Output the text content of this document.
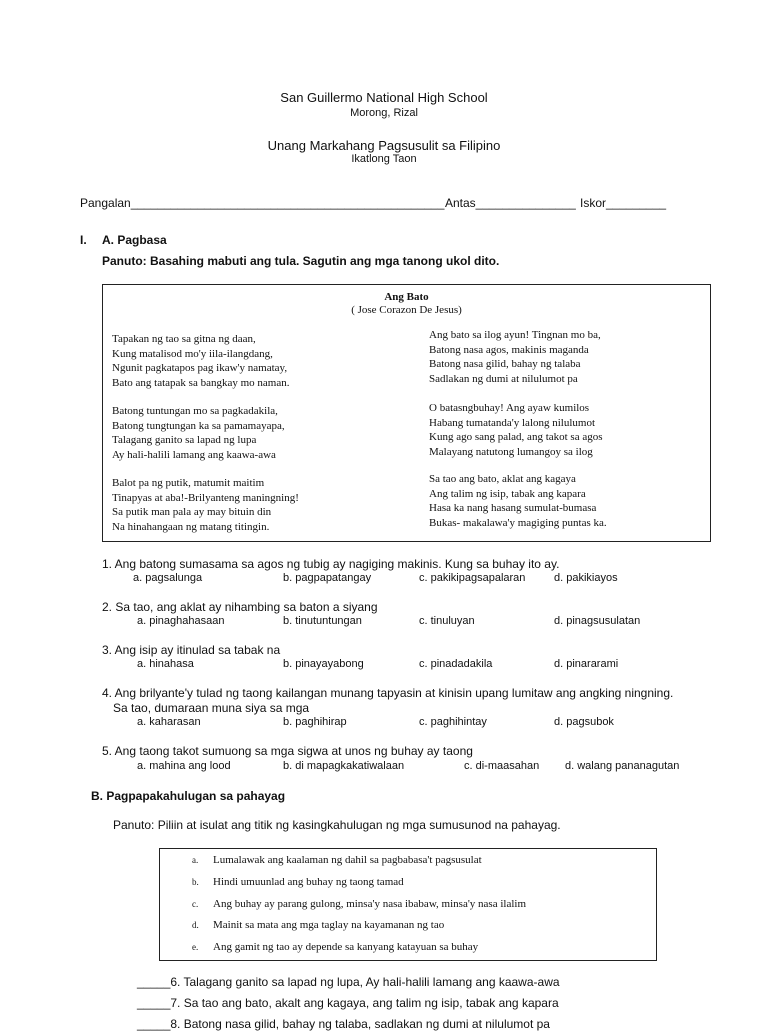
San Guillermo National High School
Morong, Rizal
Unang Markahang Pagsusulit sa Filipino
Ikatlong Taon
Pangalan_______________________________________________ Antas_______________ Iskor_________
I. A. Pagbasa
Panuto: Basahing mabuti ang tula. Sagutin ang mga tanong ukol dito.
Ang Bato
( Jose Corazon De Jesus)
Tapakan ng tao sa gitna ng daan,
Kung matalisod mo'y iila-ilangdang,
Ngunit pagkatapos pag ikaw'y namatay,
Bato ang tatapak sa bangkay mo naman.
Batong tuntungan mo sa pagkadakila,
Batong tungtungan ka sa pamamayapa,
Talagang ganito sa lapad ng lupa
Ay hali-halili lamang ang kaawa-awa
Balot pa ng putik, matumit maitim
Tinapyas at aba!-Brilyanteng maningning!
Sa putik man pala ay may bituin din
Na hinahangaan ng matang titingin.
Ang bato sa ilog ayun! Tingnan mo ba,
Batong nasa agos, makinis maganda
Batong nasa gilid, bahay ng talaba
Sadlakan ng dumi at nilulumot pa
O batasngbuhay! Ang ayaw kumilos
Habang tumatanda'y lalong nilulumot
Kung ago sang palad, ang takot sa agos
Malayang natutong lumangoy sa ilog
Sa tao ang bato, aklat ang kagaya
Ang talim ng isip, tabak ang kapara
Hasa ka nang hasang sumulat-bumasa
Bukas- makalawa'y magiging puntas ka.
1. Ang batong sumasama sa agos ng tubig ay nagiging makinis. Kung sa buhay ito ay.
a. pagsalunga	b. pagpapatangay	c. pakikipagsapalaran	d. pakikiayos
2. Sa tao, ang aklat ay nihambing sa baton a siyang
a. pinaghahasaan	b. tinutuntungan	c. tinuluyan	d. pinagsusulatan
3. Ang isip ay itinulad sa tabak na
a. hinahasa	b. pinayayabong	c. pinadadakila	d. pinararami
4. Ang brilyante'y tulad ng taong kailangan munang tapyasin at kinisin upang lumitaw ang angking ningning.
Sa tao, dumaraan muna siya sa mga
a. kaharasan	b. paghihirap	c. paghihintay	d. pagsubok
5. Ang taong takot sumuong sa mga sigwa at unos ng buhay ay taong
a. mahina ang lood	b. di mapagkakatiwalaan	c. di-maasahan d. walang pananagutan
B. Pagpapakahulugan sa pahayag
Panuto: Piliin at isulat ang titik ng kasingkahulugan ng mga sumusunod na pahayag.
a. Lumalawak ang kaalaman ng dahil sa pagbabasa't pagsusulat
b. Hindi umuunlad ang buhay ng taong tamad
c. Ang buhay ay parang gulong, minsa'y nasa ibabaw, minsa'y nasa ilalim
d. Mainit sa mata ang mga taglay na kayamanan ng tao
e. Ang gamit ng tao ay depende sa kanyang katayuan sa buhay
_____6. Talagang ganito sa lapad ng lupa, Ay hali-halili lamang ang kaawa-awa
_____7. Sa tao ang bato, akalt ang kagaya, ang talim ng isip, tabak ang kapara
_____8. Batong nasa gilid, bahay ng talaba, sadlakan ng dumi at nilulumot pa
